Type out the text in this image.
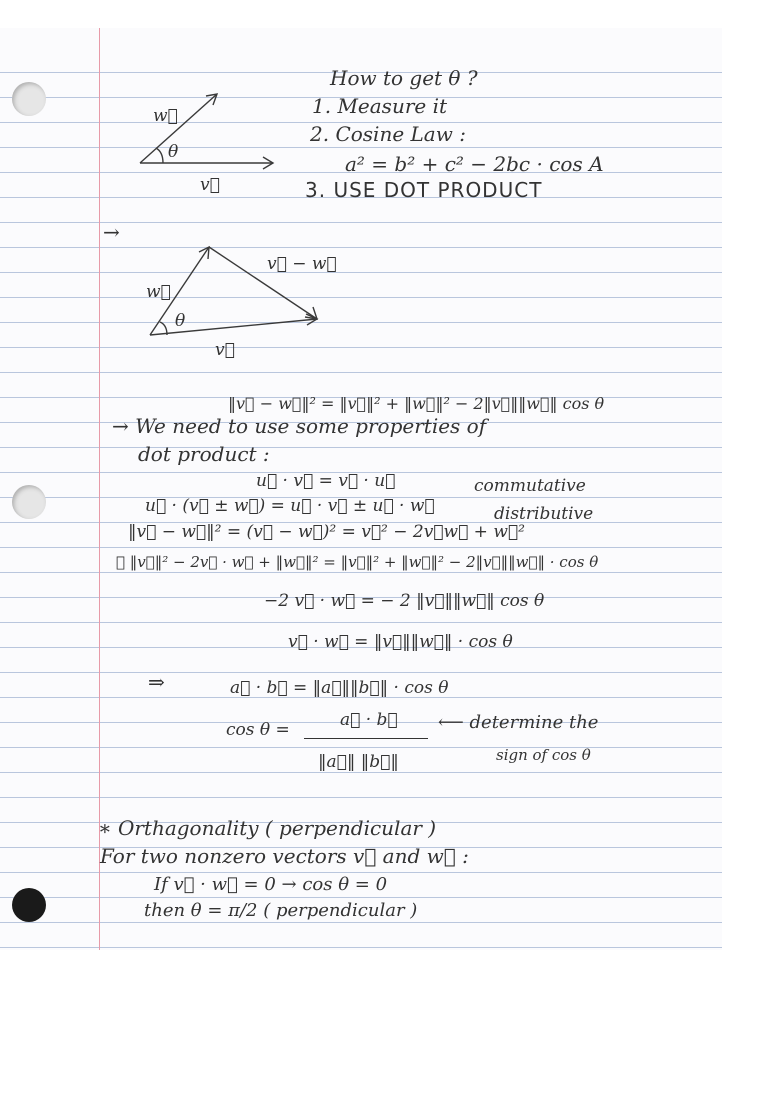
How to get θ ?
1. Measure it
2. Cosine Law :
a² = b² + c² − 2bc · cos A
3. USE DOT PRODUCT
w⃗
θ
v⃗
→
w⃗
θ
v⃗
v⃗ − w⃗
‖v⃗ − w⃗‖² = ‖v⃗‖² + ‖w⃗‖² − 2‖v⃗‖‖w⃗‖ cos θ
→ We need to use some properties of
dot product :
u⃗ · v⃗ = v⃗ · u⃗	commutative
u⃗ · (v⃗ ± w⃗) = u⃗ · v⃗ ± u⃗ · w⃗	distributive
‖v⃗ − w⃗‖² = (v⃗ − w⃗)² = v⃗² − 2v⃗w⃗ + w⃗²
∴ ‖v⃗‖² − 2v⃗ · w⃗ + ‖w⃗‖² = ‖v⃗‖² + ‖w⃗‖² − 2‖v⃗‖‖w⃗‖ · cos θ
−2 v⃗ · w⃗ = − 2 ‖v⃗‖‖w⃗‖ cos θ
v⃗ · w⃗ = ‖v⃗‖‖w⃗‖ · cos θ
⇒	a⃗ · b⃗ = ‖a⃗‖‖b⃗‖ · cos θ
cos θ =	a⃗ · b⃗
‖a⃗‖ ‖b⃗‖
⟵ determine the
sign of cos θ
∗ Orthagonality ( perpendicular )
For two nonzero vectors v⃗ and w⃗ :
If v⃗ · w⃗ = 0 → cos θ = 0
then θ = π/2 ( perpendicular )
